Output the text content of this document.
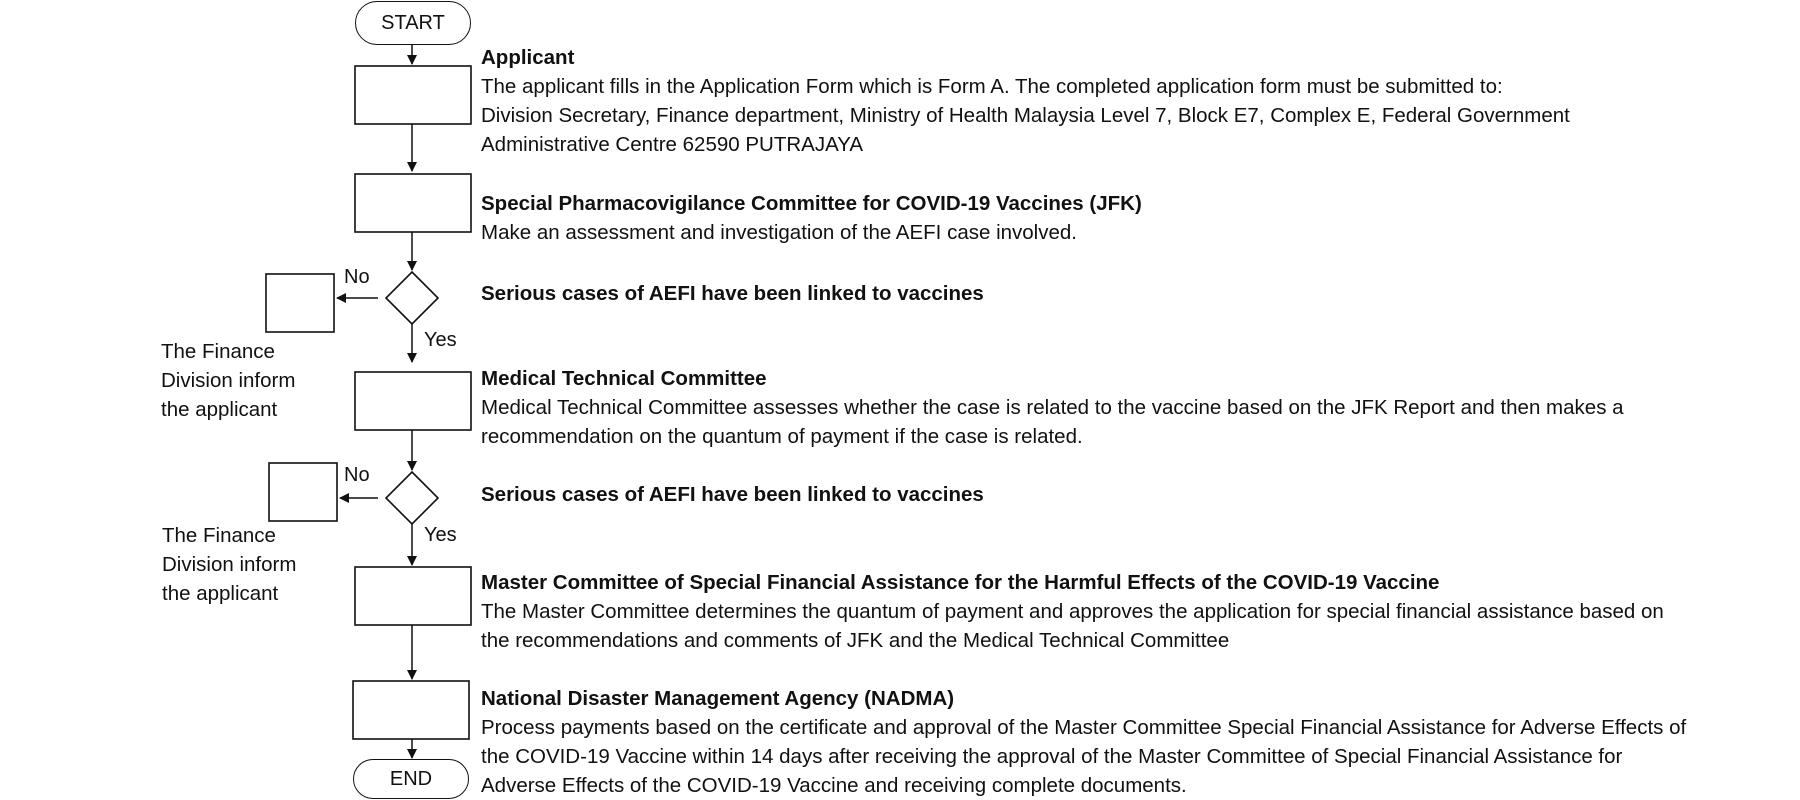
START
END
No
Yes
No
Yes
The Finance
Division inform
the applicant
The Finance
Division inform
the applicant
Applicant
The applicant fills in the Application Form which is Form A. The completed application form must be submitted to:
Division Secretary, Finance department, Ministry of Health Malaysia Level 7, Block E7, Complex E, Federal Government
Administrative Centre 62590 PUTRAJAYA
Special Pharmacovigilance Committee for COVID-19 Vaccines (JFK)
Make an assessment and investigation of the AEFI case involved.
Serious cases of AEFI have been linked to vaccines
Medical Technical Committee
Medical Technical Committee assesses whether the case is related to the vaccine based on the JFK Report and then makes a
recommendation on the quantum of payment if the case is related.
Serious cases of AEFI have been linked to vaccines
Master Committee of Special Financial Assistance for the Harmful Effects of the COVID-19 Vaccine
The Master Committee determines the quantum of payment and approves the application for special financial assistance based on
the recommendations and comments of JFK and the Medical Technical Committee
National Disaster Management Agency (NADMA)
Process payments based on the certificate and approval of the Master Committee Special Financial Assistance for Adverse Effects of
the COVID-19 Vaccine within 14 days after receiving the approval of the Master Committee of Special Financial Assistance for
Adverse Effects of the COVID-19 Vaccine and receiving complete documents.
